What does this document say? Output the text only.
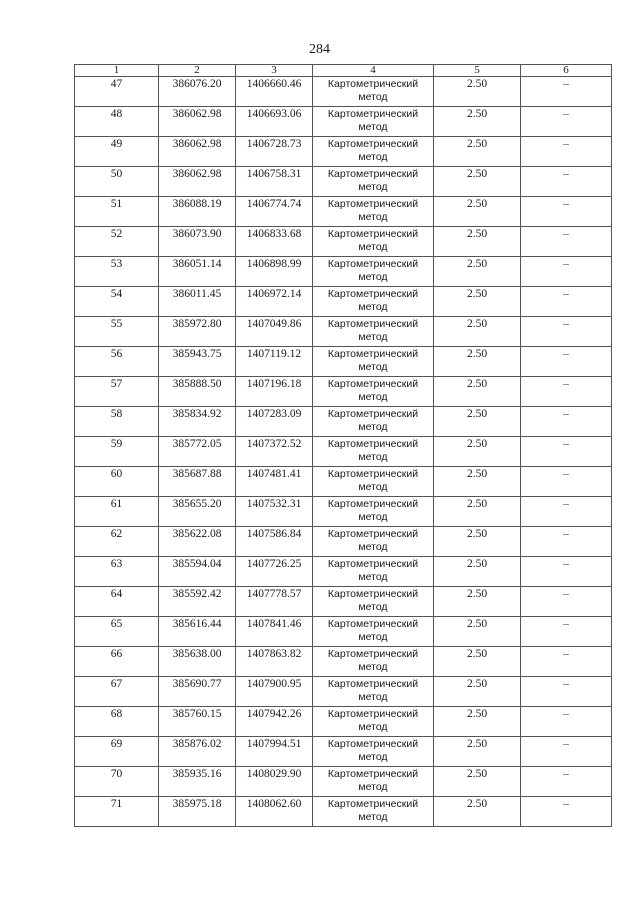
284
1	2	3	4	5	6
47	386076.20	1406660.46	Картометрический метод	2.50	–
48	386062.98	1406693.06	Картометрический метод	2.50	–
49	386062.98	1406728.73	Картометрический метод	2.50	–
50	386062.98	1406758.31	Картометрический метод	2.50	–
51	386088.19	1406774.74	Картометрический метод	2.50	–
52	386073.90	1406833.68	Картометрический метод	2.50	–
53	386051.14	1406898.99	Картометрический метод	2.50	–
54	386011.45	1406972.14	Картометрический метод	2.50	–
55	385972.80	1407049.86	Картометрический метод	2.50	–
56	385943.75	1407119.12	Картометрический метод	2.50	–
57	385888.50	1407196.18	Картометрический метод	2.50	–
58	385834.92	1407283.09	Картометрический метод	2.50	–
59	385772.05	1407372.52	Картометрический метод	2.50	–
60	385687.88	1407481.41	Картометрический метод	2.50	–
61	385655.20	1407532.31	Картометрический метод	2.50	–
62	385622.08	1407586.84	Картометрический метод	2.50	–
63	385594.04	1407726.25	Картометрический метод	2.50	–
64	385592.42	1407778.57	Картометрический метод	2.50	–
65	385616.44	1407841.46	Картометрический метод	2.50	–
66	385638.00	1407863.82	Картометрический метод	2.50	–
67	385690.77	1407900.95	Картометрический метод	2.50	–
68	385760.15	1407942.26	Картометрический метод	2.50	–
69	385876.02	1407994.51	Картометрический метод	2.50	–
70	385935.16	1408029.90	Картометрический метод	2.50	–
71	385975.18	1408062.60	Картометрический метод	2.50	–
